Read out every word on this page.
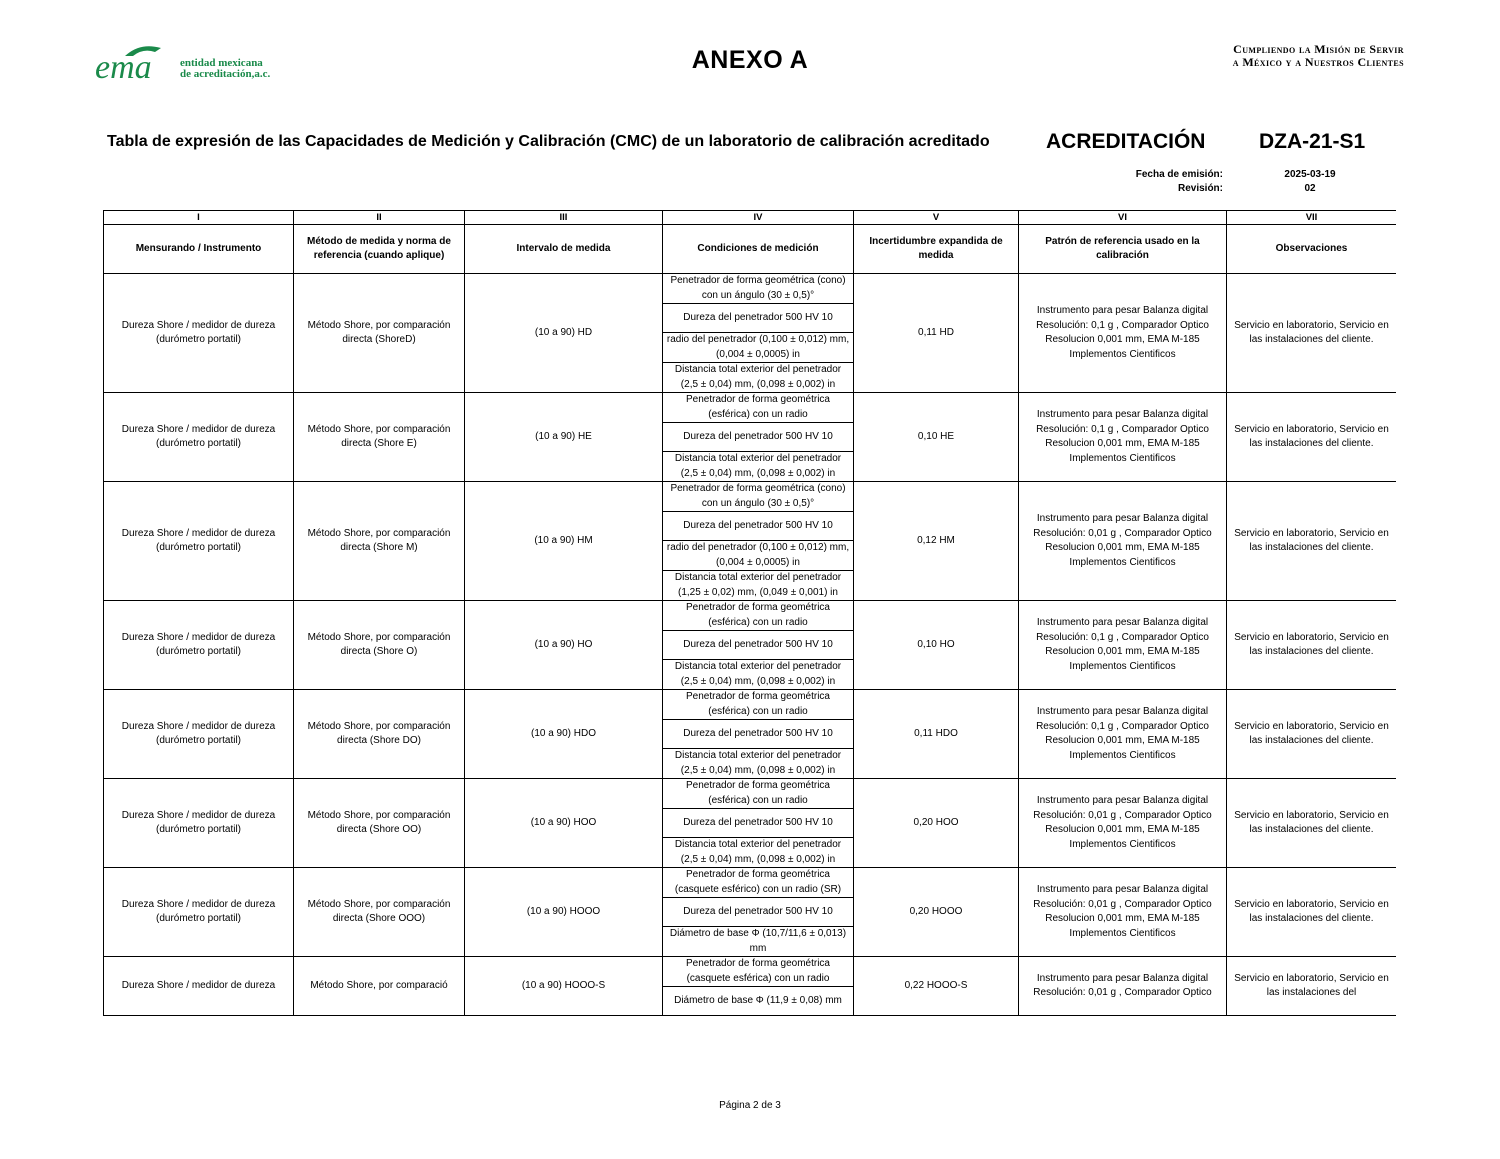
ema	entidad mexicana
de acreditación,a.c.	ANEXO A	Cumpliendo la Misión de Servir
a México y a Nuestros Clientes
Tabla de expresión de las Capacidades de Medición y Calibración (CMC) de un laboratorio de calibración acreditado	ACREDITACIÓN	DZA-21-S1
Fecha de emisión:	2025-03-19
Revisión:	02
I	II	III	IV	V	VI	VII
Mensurando / Instrumento	Método de medida y norma de referencia (cuando aplique)	Intervalo de medida	Condiciones de medición	Incertidumbre expandida de medida	Patrón de referencia usado en la calibración	Observaciones
Dureza Shore / medidor de dureza (durómetro portatil)	Método Shore, por comparación directa (ShoreD)	(10 a 90) HD	Penetrador de forma geométrica (cono) con un ángulo (30 ± 0,5)°	0,11 HD	Instrumento para pesar Balanza digital Resolución: 0,1 g , Comparador Optico Resolucion 0,001 mm, EMA M-185 Implementos Cientificos	Servicio en laboratorio, Servicio en las instalaciones del cliente.
			Dureza del penetrador 500 HV 10			
			radio del penetrador (0,100 ± 0,012) mm, (0,004 ± 0,0005) in			
			Distancia total exterior del penetrador (2,5 ± 0,04) mm, (0,098 ± 0,002) in			
Dureza Shore / medidor de dureza (durómetro portatil)	Método Shore, por comparación directa (Shore E)	(10 a 90) HE	Penetrador de forma geométrica (esférica) con un radio	0,10 HE	Instrumento para pesar Balanza digital Resolución: 0,1 g , Comparador Optico Resolucion 0,001 mm, EMA M-185 Implementos Cientificos	Servicio en laboratorio, Servicio en las instalaciones del cliente.
			Dureza del penetrador 500 HV 10			
			Distancia total exterior del penetrador (2,5 ± 0,04) mm, (0,098 ± 0,002) in			
Dureza Shore / medidor de dureza (durómetro portatil)	Método Shore, por comparación directa (Shore M)	(10 a 90) HM	Penetrador de forma geométrica (cono) con un ángulo (30 ± 0,5)°	0,12 HM	Instrumento para pesar Balanza digital Resolución: 0,01 g , Comparador Optico Resolucion 0,001 mm, EMA M-185 Implementos Cientificos	Servicio en laboratorio, Servicio en las instalaciones del cliente.
			Dureza del penetrador 500 HV 10			
			radio del penetrador (0,100 ± 0,012) mm, (0,004 ± 0,0005) in			
			Distancia total exterior del penetrador (1,25 ± 0,02) mm, (0,049 ± 0,001) in			
Dureza Shore / medidor de dureza (durómetro portatil)	Método Shore, por comparación directa (Shore O)	(10 a 90) HO	Penetrador de forma geométrica (esférica) con un radio	0,10 HO	Instrumento para pesar Balanza digital Resolución: 0,1 g , Comparador Optico Resolucion 0,001 mm, EMA M-185 Implementos Cientificos	Servicio en laboratorio, Servicio en las instalaciones del cliente.
			Dureza del penetrador 500 HV 10			
			Distancia total exterior del penetrador (2,5 ± 0,04) mm, (0,098 ± 0,002) in			
Dureza Shore / medidor de dureza (durómetro portatil)	Método Shore, por comparación directa (Shore DO)	(10 a 90) HDO	Penetrador de forma geométrica (esférica) con un radio	0,11 HDO	Instrumento para pesar Balanza digital Resolución: 0,1 g , Comparador Optico Resolucion 0,001 mm, EMA M-185 Implementos Cientificos	Servicio en laboratorio, Servicio en las instalaciones del cliente.
			Dureza del penetrador 500 HV 10			
			Distancia total exterior del penetrador (2,5 ± 0,04) mm, (0,098 ± 0,002) in			
Dureza Shore / medidor de dureza (durómetro portatil)	Método Shore, por comparación directa (Shore OO)	(10 a 90) HOO	Penetrador de forma geométrica (esférica) con un radio	0,20 HOO	Instrumento para pesar Balanza digital Resolución: 0,01 g , Comparador Optico Resolucion 0,001 mm, EMA M-185 Implementos Cientificos	Servicio en laboratorio, Servicio en las instalaciones del cliente.
			Dureza del penetrador 500 HV 10			
			Distancia total exterior del penetrador (2,5 ± 0,04) mm, (0,098 ± 0,002) in			
Dureza Shore / medidor de dureza (durómetro portatil)	Método Shore, por comparación directa (Shore OOO)	(10 a 90) HOOO	Penetrador de forma geométrica (casquete esférico) con un radio (SR)	0,20 HOOO	Instrumento para pesar Balanza digital Resolución: 0,01 g , Comparador Optico Resolucion 0,001 mm, EMA M-185 Implementos Cientificos	Servicio en laboratorio, Servicio en las instalaciones del cliente.
			Dureza del penetrador 500 HV 10			
			Diámetro de base Φ (10,7/11,6 ± 0,013) mm			
Dureza Shore / medidor de dureza	Método Shore, por comparació	(10 a 90) HOOO-S	Penetrador de forma geométrica (casquete esférica) con un radio	0,22 HOOO-S	Instrumento para pesar Balanza digital Resolución: 0,01 g , Comparador Optico	Servicio en laboratorio, Servicio en las instalaciones del
			Diámetro de base Φ (11,9 ± 0,08) mm			
Página 2 de 3
